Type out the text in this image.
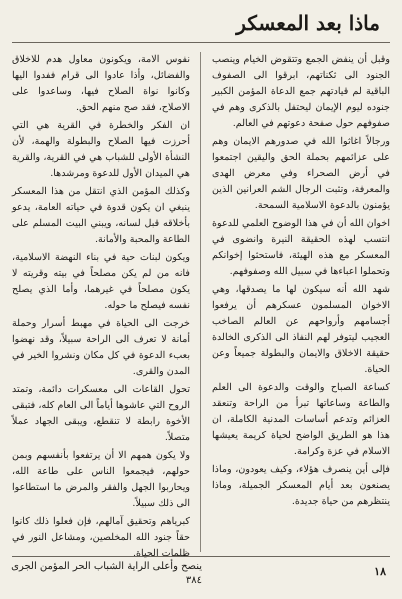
ماذا بعد المعسكر

وقبل أن ينفض الجمع وتتقوض الخيام وينصب الجنود الى ثكناتهم، ابرقوا الى الصفوف الباقية لم قيادتهم جمع الدعاة المؤمن الكبير جنوده ليوم الإيمان ليحتفل بالذكرى وهم في صفوفهم حول صفحة دعوتهم في العالم.

ورجالاً اغاثوا الله في صدورهم الايمان وهم على عزائمهم بحملة الحق واليقين اجتمعوا في أرض الصحراء وفي معرض الهدى والمعرفة، وتثبت الرجال الشم العرانين الذين يؤمنون بالدعوة الاسلامية السمحة.

اخوان الله أن في هذا الوضوح العلمي للدعوة انتسب لهذه الحقيقة النيرة وانضوى في المعسكر مع هذه الهيئة، فاستحثوا إخوانكم وتحملوا اعباءها في سبيل الله وصفوفهم.

شهد الله أنه سيكون لها ما يصدقها، وهي الاخوان المسلمون عسكرهم أن يرفعوا أجسامهم وأرواحهم عن العالم الصاخب العجيب ليتوفر لهم النفاذ الى الذكرى الخالدة حقيقة الاخلاق والايمان والبطولة جميعاً وعن الحياة.

كساعة الصباح والوقت والدعوة الى العلم والطاعة وساعاتها تبرأ من الراحة وتنعقد العزائم وتدعم أساسات المدنية الكاملة، ان هذا هو الطريق الواضح لحياة كريمة يعيشها الاسلام في عزة وكرامة.

فإلى أين ينصرف هؤلاء، وكيف يعودون، وماذا يصنعون بعد أيام المعسكر الجميلة، وماذا ينتظرهم من حياة جديدة.

نفوس الامة، ويكونون معاول هدم للاخلاق والفضائل، وأذا عادوا الى قرام ففدوا اليها وكانوا نواة الصلاح فيها، وساعدوا على الاصلاح، فقد صح منهم الحق.

ان الفكر والخطرة في القرية هي التي أحرزت فيها الصلاح والبطولة والهمة، لأن النشأة الأولى للشباب هي في القرية، والقرية هي الميدان الأول للدعوة ومرشدها.

وكذلك المؤمن الذي انتقل من هذا المعسكر ينبغي ان يكون قدوة في حياته العامة، يدعو بأخلاقه قبل لسانه، ويبني البيت المسلم على الطاعة والمحبة والأمانة.

ويكون لبنات حية في بناء النهضة الاسلامية، فانه من لم يكن مصلحاً في بيته وقريته لا يكون مصلحاً في غيرهما، وأما الذي يصلح نفسه فيصلح ما حوله.

خرجت الى الحياة في مهبط أسرار وحملة أمانة لا تعرف الى الراحة سبيلاً، وقد نهضوا بعبء الدعوة في كل مكان ونشروا الخير في المدن والقرى.

تحول القاعات الى معسكرات دائمة، وتمتد الروح التي عاشوها أياماً الى العام كله، فتبقى الأخوة رابطة لا تنقطع، ويبقى الجهاد عملاً متصلاً.

ولا يكون همهم الا أن يرتفعوا بأنفسهم وبمن حولهم، فيجمعوا الناس على طاعة الله، ويحاربوا الجهل والفقر والمرض ما استطاعوا الى ذلك سبيلاً.

كبرياهم وتحقيق آمالهم، فإن فعلوا ذلك كانوا حقاً جنود الله المخلصين، ومشاعل النور في ظلمات الحياة.

١٨
ينصح وأعلى الراية الشباب الحر المؤمن الجرى
٣٨٤
